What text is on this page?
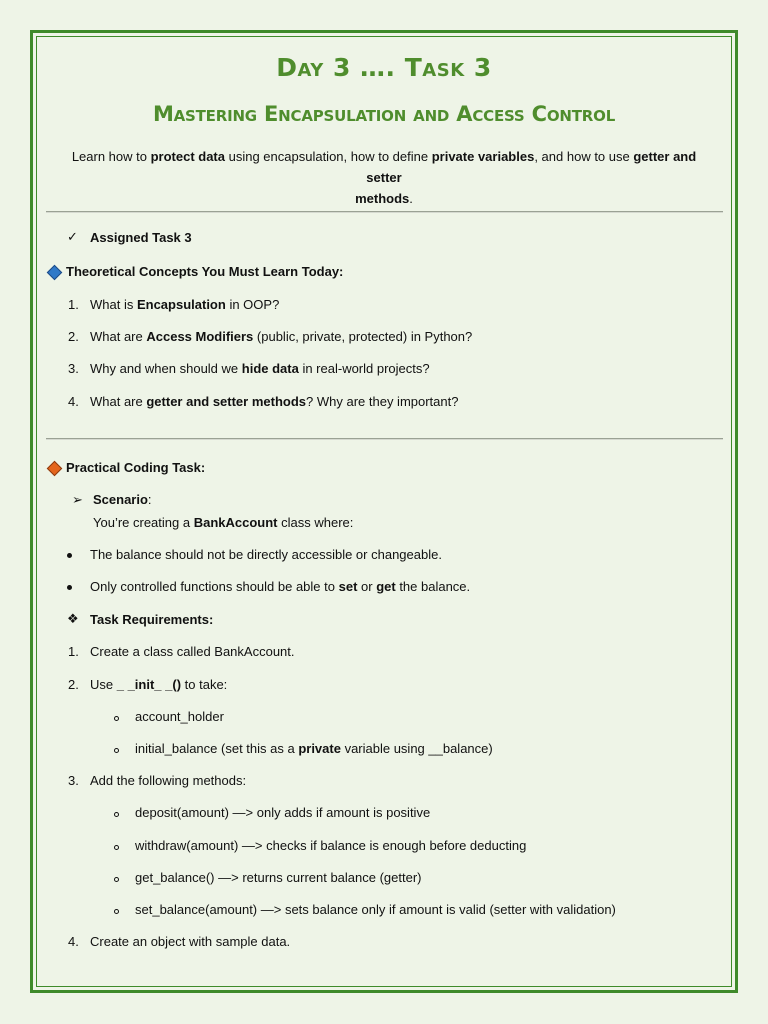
Day 3 …. Task 3
Mastering Encapsulation and Access Control
Learn how to protect data using encapsulation, how to define private variables, and how to use getter and setter
methods.
✓ Assigned Task 3
Theoretical Concepts You Must Learn Today:
1. What is Encapsulation in OOP?
2. What are Access Modifiers (public, private, protected) in Python?
3. Why and when should we hide data in real-world projects?
4. What are getter and setter methods? Why are they important?
Practical Coding Task:
➢ Scenario:
You’re creating a BankAccount class where:
The balance should not be directly accessible or changeable.
Only controlled functions should be able to set or get the balance.
❖ Task Requirements:
1. Create a class called BankAccount.
2. Use _ _init_ _() to take:
account_holder
initial_balance (set this as a private variable using __balance)
3. Add the following methods:
deposit(amount) —> only adds if amount is positive
withdraw(amount) —> checks if balance is enough before deducting
get_balance() —> returns current balance (getter)
set_balance(amount) —> sets balance only if amount is valid (setter with validation)
4. Create an object with sample data.
